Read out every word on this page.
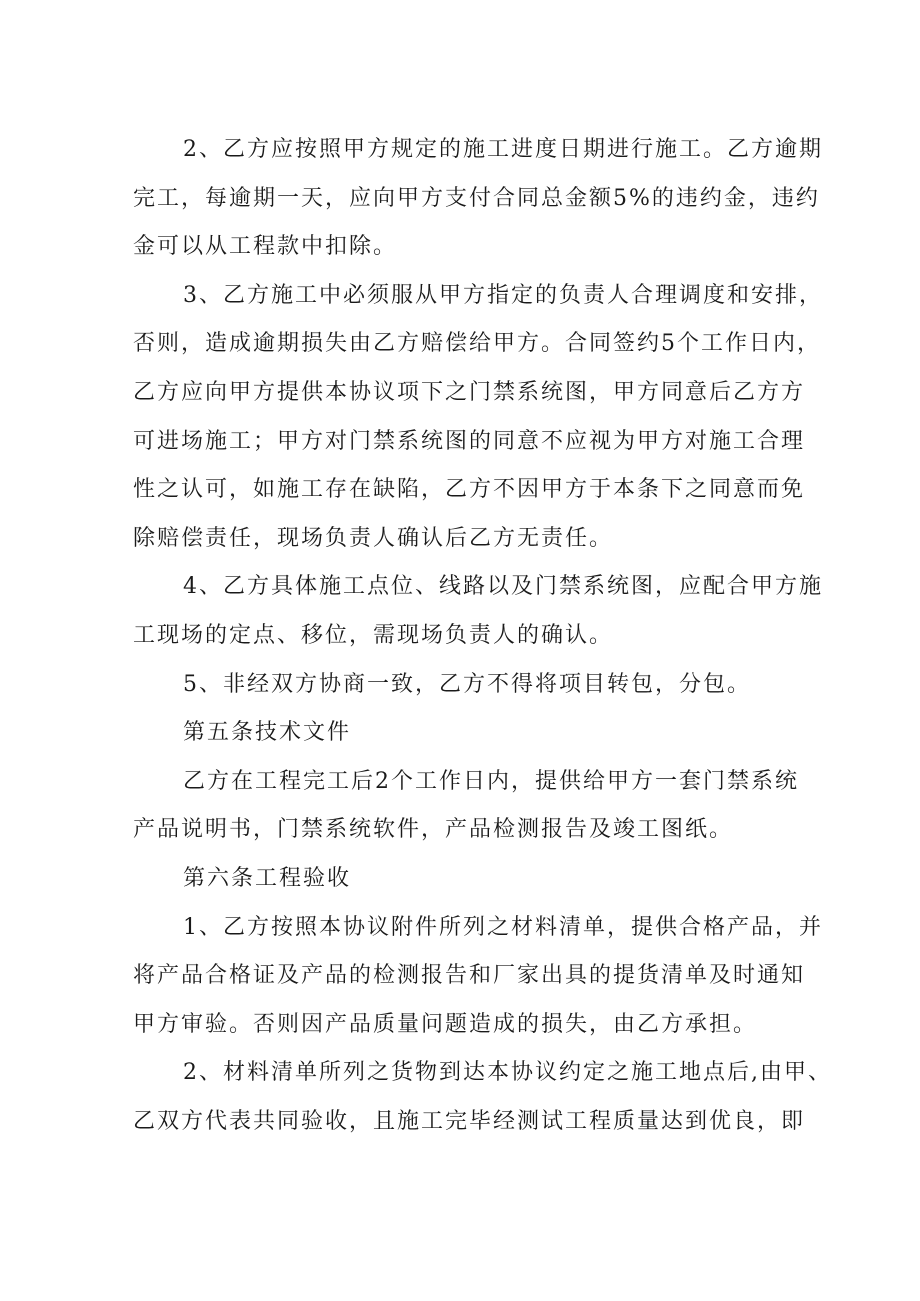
2、乙方应按照甲方规定的施工进度日期进行施工。乙方逾期
完工，每逾期一天，应向甲方支付合同总金额5%的违约金，违约
金可以从工程款中扣除。
3、乙方施工中必须服从甲方指定的负责人合理调度和安排，
否则，造成逾期损失由乙方赔偿给甲方。合同签约5个工作日内，
乙方应向甲方提供本协议项下之门禁系统图，甲方同意后乙方方
可进场施工；甲方对门禁系统图的同意不应视为甲方对施工合理
性之认可，如施工存在缺陷，乙方不因甲方于本条下之同意而免
除赔偿责任，现场负责人确认后乙方无责任。
4、乙方具体施工点位、线路以及门禁系统图，应配合甲方施
工现场的定点、移位，需现场负责人的确认。
5、非经双方协商一致，乙方不得将项目转包，分包。
第五条技术文件
乙方在工程完工后2个工作日内，提供给甲方一套门禁系统
产品说明书，门禁系统软件，产品检测报告及竣工图纸。
第六条工程验收
1、乙方按照本协议附件所列之材料清单，提供合格产品，并
将产品合格证及产品的检测报告和厂家出具的提货清单及时通知
甲方审验。否则因产品质量问题造成的损失，由乙方承担。
2、材料清单所列之货物到达本协议约定之施工地点后,由甲、
乙双方代表共同验收，且施工完毕经测试工程质量达到优良，即
